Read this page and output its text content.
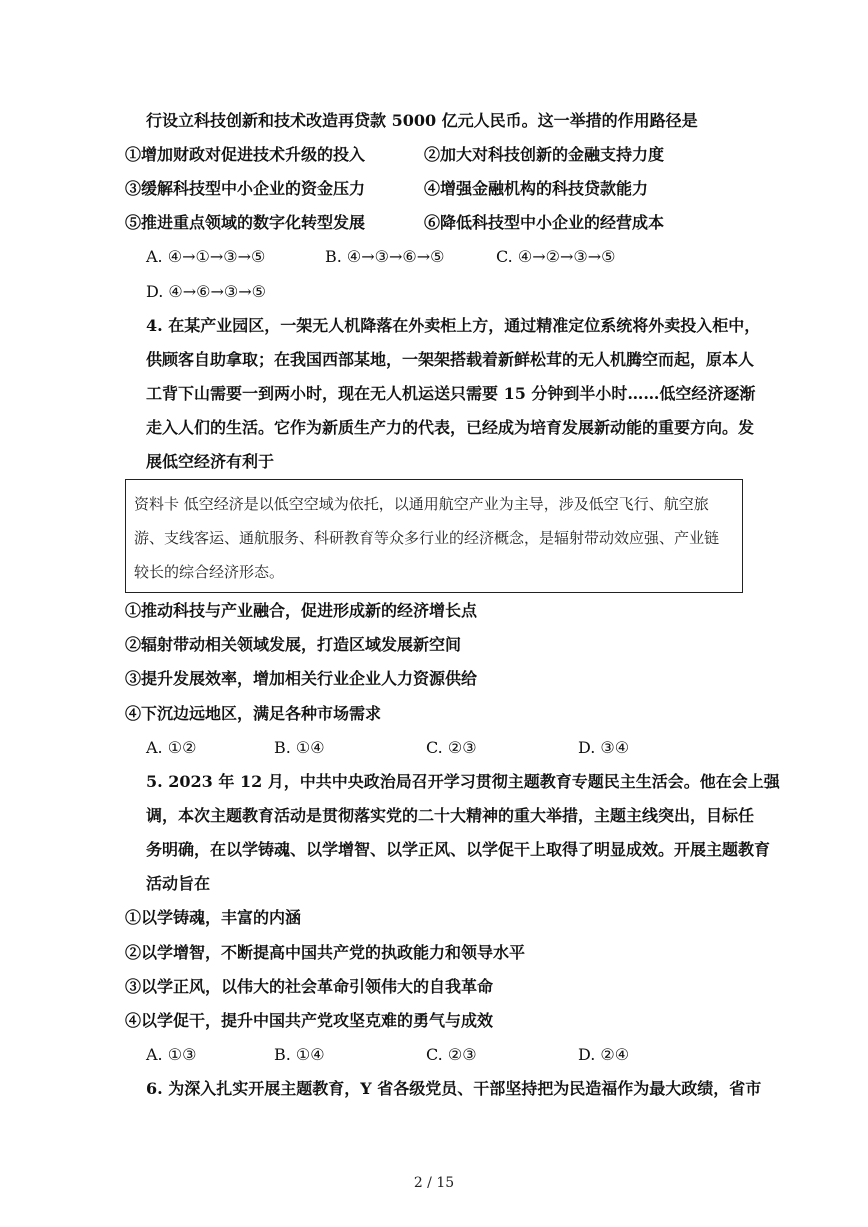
行设立科技创新和技术改造再贷款 5000 亿元人民币。这一举措的作用路径是
①增加财政对促进技术升级的投入	②加大对科技创新的金融支持力度
③缓解科技型中小企业的资金压力	④增强金融机构的科技贷款能力
⑤推进重点领域的数字化转型发展	⑥降低科技型中小企业的经营成本
A. ④→①→③→⑤	B. ④→③→⑥→⑤	C. ④→②→③→⑤
D. ④→⑥→③→⑤
4. 在某产业园区，一架无人机降落在外卖柜上方，通过精准定位系统将外卖投入柜中，
供顾客自助拿取；在我国西部某地，一架架搭载着新鲜松茸的无人机腾空而起，原本人
工背下山需要一到两小时，现在无人机运送只需要 15 分钟到半小时……低空经济逐渐
走入人们的生活。它作为新质生产力的代表，已经成为培育发展新动能的重要方向。发
展低空经济有利于
资料卡 低空经济是以低空空域为依托，以通用航空产业为主导，涉及低空飞行、航空旅
游、支线客运、通航服务、科研教育等众多行业的经济概念，是辐射带动效应强、产业链
较长的综合经济形态。
①推动科技与产业融合，促进形成新的经济增长点
②辐射带动相关领域发展，打造区域发展新空间
③提升发展效率，增加相关行业企业人力资源供给
④下沉边远地区，满足各种市场需求
A. ①②	B. ①④	C. ②③	D. ③④
5. 2023 年 12 月，中共中央政治局召开学习贯彻主题教育专题民主生活会。他在会上强
调，本次主题教育活动是贯彻落实党的二十大精神的重大举措，主题主线突出，目标任
务明确，在以学铸魂、以学增智、以学正风、以学促干上取得了明显成效。开展主题教育
活动旨在
①以学铸魂，丰富的内涵
②以学增智，不断提高中国共产党的执政能力和领导水平
③以学正风，以伟大的社会革命引领伟大的自我革命
④以学促干，提升中国共产党攻坚克难的勇气与成效
A. ①③	B. ①④	C. ②③	D. ②④
6. 为深入扎实开展主题教育，Y 省各级党员、干部坚持把为民造福作为最大政绩，省市
2 / 15
